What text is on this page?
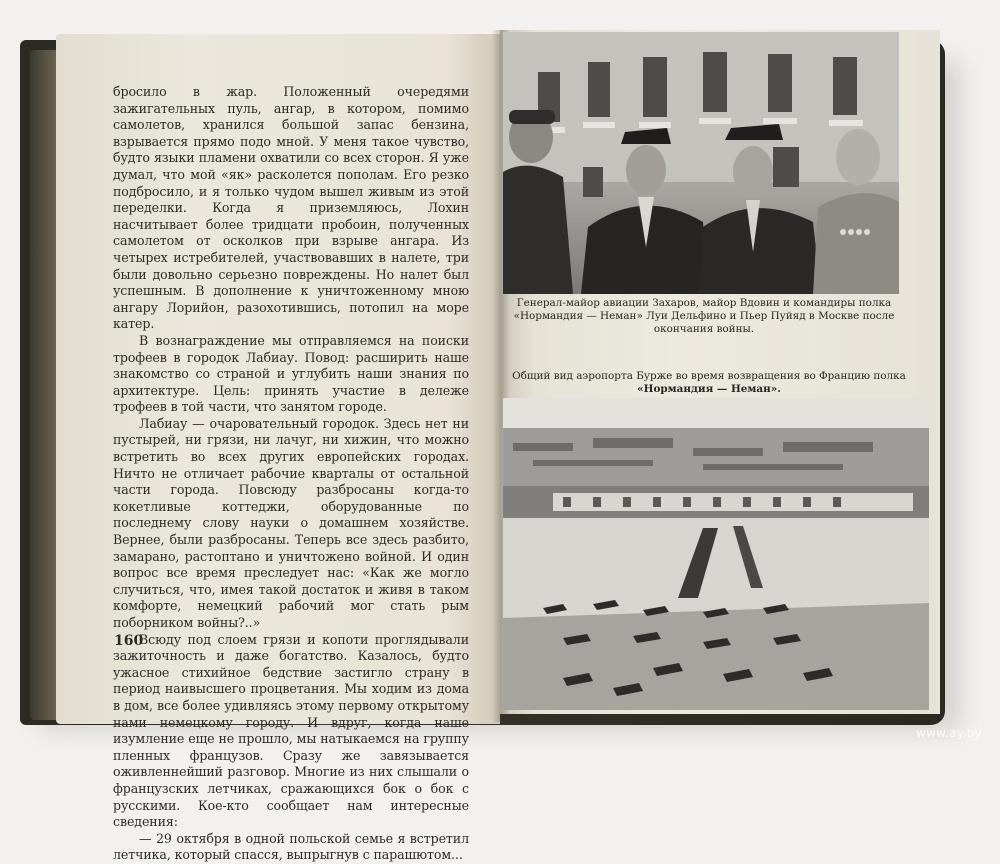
бросило в жар. Положенный очередями зажигательных пуль, ангар, в котором, помимо самолетов, хранился большой запас бензина, взрывается прямо подо мной. У меня такое чувство, будто языки пламени охватили со всех сторон. Я уже думал, что мой «як» расколется пополам. Его резко подбросило, и я только чудом вышел живым из этой переделки. Когда я приземляюсь, Лохин насчитывает более тридцати пробоин, полученных самолетом от осколков при взрыве ангара. Из четырех истребителей, участвовавших в налете, три были довольно серьезно повреждены. Но налет был успешным. В дополнение к уничтоженному мною ангару Лорийон, разохотившись, потопил на море катер.

В вознаграждение мы отправляемся на поиски трофеев в городок Лабиау. Повод: расширить наше знакомство со страной и углубить наши знания по архитектуре. Цель: принять участие в дележе трофеев в той части, что занятом городе.

Лабиау — очаровательный городок. Здесь нет ни пустырей, ни грязи, ни лачуг, ни хижин, что можно встретить во всех других европейских городах. Ничто не отличает рабочие кварталы от остальной части города. Повсюду разбросаны когда-то кокетливые коттеджи, оборудованные по последнему слову науки о домашнем хозяйстве. Вернее, были разбросаны. Теперь все здесь разбито, замарано, растоптано и уничтожено войной. И один вопрос все время преследует нас: «Как же могло случиться, что, имея такой достаток и живя в таком комфорте, немецкий рабочий мог стать рым поборником войны?..»

Всюду под слоем грязи и копоти проглядывали зажиточность и даже богатство. Казалось, будто ужасное стихийное бедствие застигло страну в период наивысшего процветания. Мы ходим из дома в дом, все более удивляясь этому первому открытому нами немецкому городу. И вдруг, когда наше изумление еще не прошло, мы натыкаемся на группу пленных французов. Сразу же завязывается оживленнейший разговор. Многие из них слышали о французских летчиках, сражающихся бок о бок с русскими. Кое-кто сообщает нам интересные сведения:

— 29 октября в одной польской семье я встретил летчика, который спасся, выпрыгнув с парашютом...

160
Генерал-майор авиации Захаров, майор Вдовин и командиры полка «Нормандия — Неман» Луи Дельфино и Пьер Пуйяд в Москве после окончания войны.
Общий вид аэропорта Бурже во время возвращения во Францию полка
«Нормандия — Неман».
www.ay.by
